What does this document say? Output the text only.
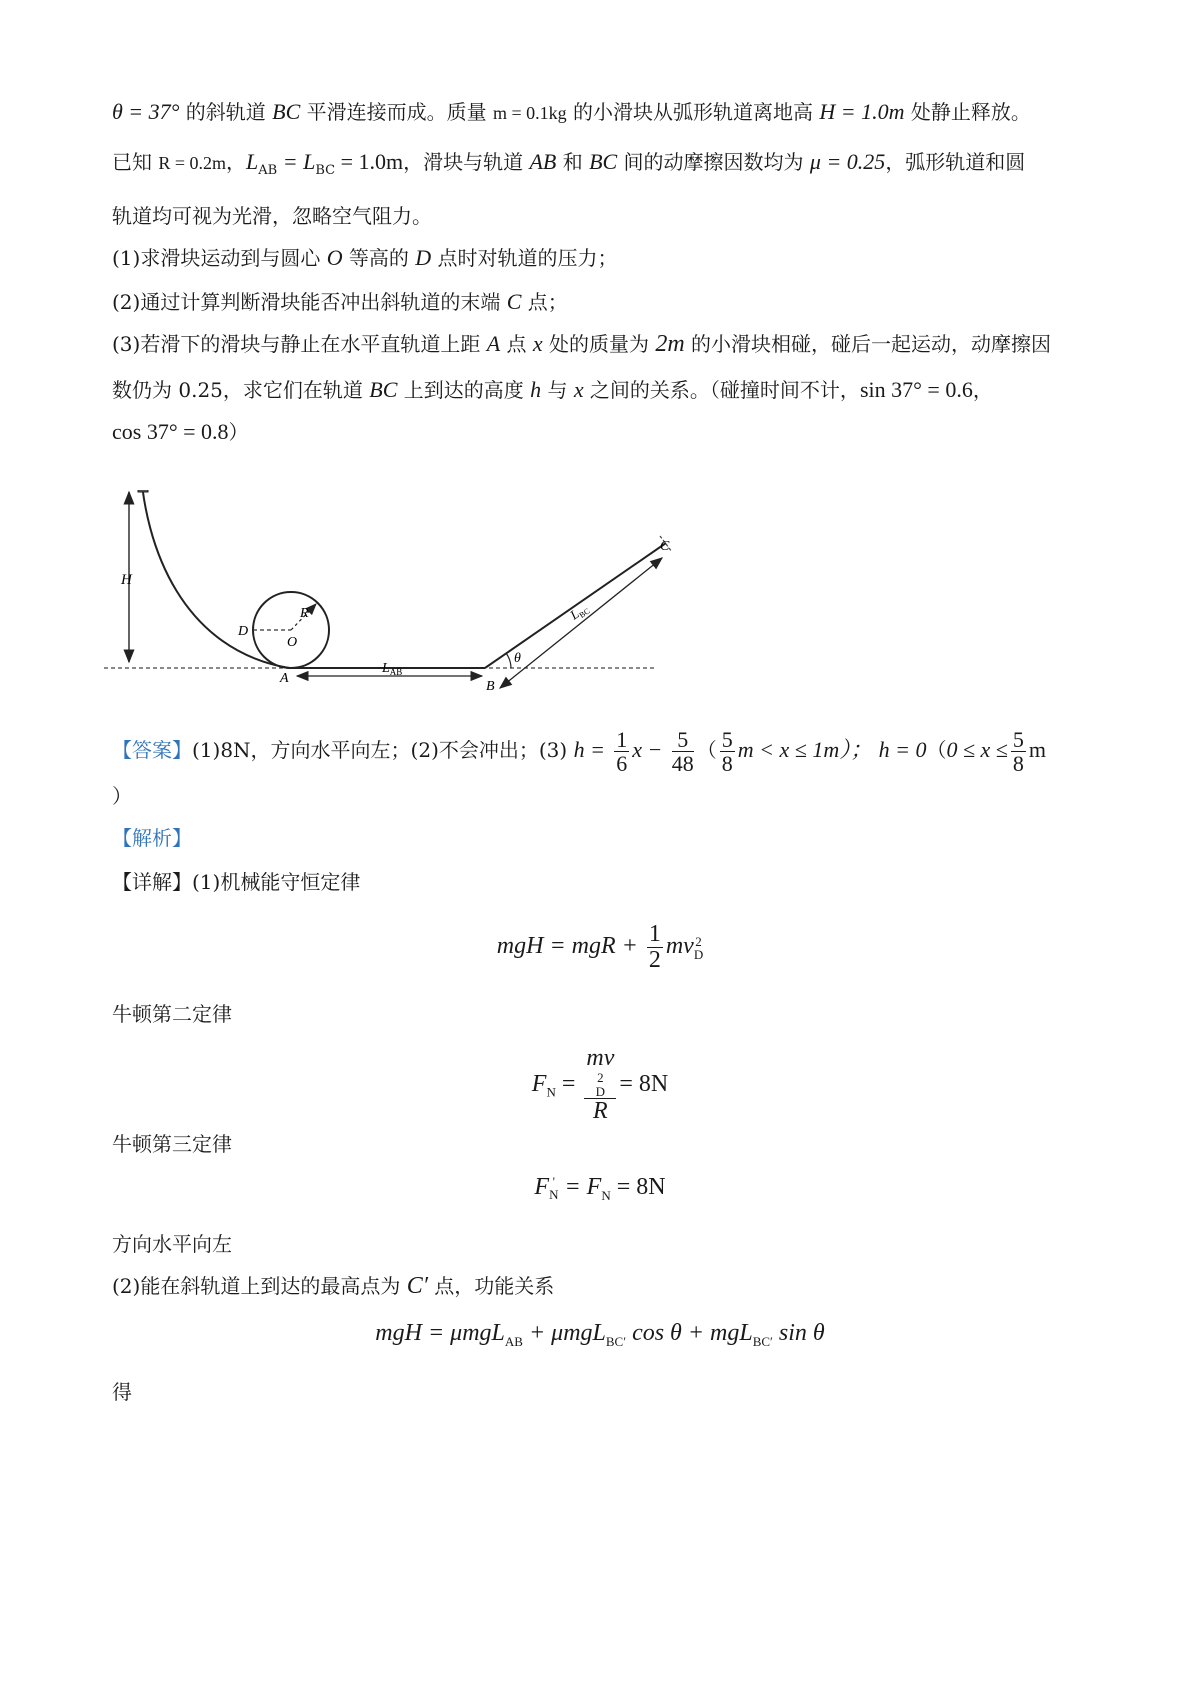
θ = 37° 的斜轨道 BC 平滑连接而成。质量 m = 0.1kg 的小滑块从弧形轨道离地高 H = 1.0m 处静止释放。
已知 R = 0.2m，$L_{AB} = L_{BC} = 1.0m$，滑块与轨道 AB 和 BC 间的动摩擦因数均为 μ = 0.25，弧形轨道和圆
轨道均可视为光滑，忽略空气阻力。
(1)求滑块运动到与圆心 O 等高的 D 点时对轨道的压力；
(2)通过计算判断滑块能否冲出斜轨道的末端 C 点；
(3)若滑下的滑块与静止在水平直轨道上距 A 点 x 处的质量为 2m 的小滑块相碰，碰后一起运动，动摩擦因
数仍为 0.25，求它们在轨道 BC 上到达的高度 h 与 x 之间的关系。（碰撞时间不计，sin 37° = 0.6，
cos 37° = 0.8）
H
D
R
O
θ
A
B
C
$L_{AB}$
$L_{BC}$
【答案】(1)8N，方向水平向左；(2)不会冲出；(3) $h = \frac{1}{6}$ $x - \frac{5}{48}$ （ $\frac{5}{8}$ m < x ≤ 1m）； $h = 0(0 \le x \le \frac{5}{8}$ m
）
【解析】
【详解】(1)机械能守恒定律
mgH = mgR + $\frac{1}{2}$ mv 2
D
牛顿第二定律
$F_N$ = mv
2
D
R = 8N
牛顿第三定律
F '
$N = F_N = 8N$
方向水平向左
(2)能在斜轨道上到达的最高点为 C′ 点，功能关系
mgH = μmgL$_{AB}$ + μmgL$_{BC'}$ cos θ + mgL$_{BC'}$ sin θ
得
